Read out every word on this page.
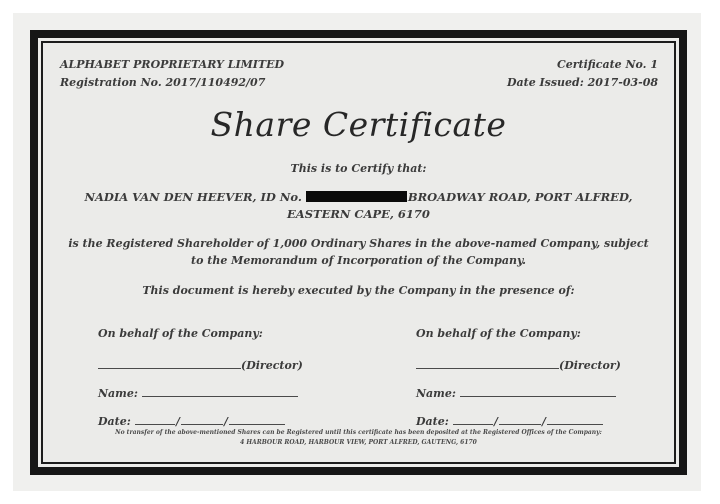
ALPHABET PROPRIETARY LIMITED
Registration No. 2017/110492/07
Certificate No. 1
Date Issued: 2017-03-08
Share Certificate
This is to Certify that:
NADIA VAN DEN HEEVER, ID No.	BROADWAY ROAD, PORT ALFRED,
EASTERN CAPE, 6170
is the Registered Shareholder of 1,000 Ordinary Shares in the above-named Company, subject
to the Memorandum of Incorporation of the Company.
This document is hereby executed by the Company in the presence of:
On behalf of the Company:
(Director)
Name:
Date:	/	/
On behalf of the Company:
(Director)
Name:
Date:	/	/
No transfer of the above-mentioned Shares can be Registered until this certificate has been deposited at the Registered Offices of the Company:
4 HARBOUR ROAD, HARBOUR VIEW, PORT ALFRED, GAUTENG, 6170
